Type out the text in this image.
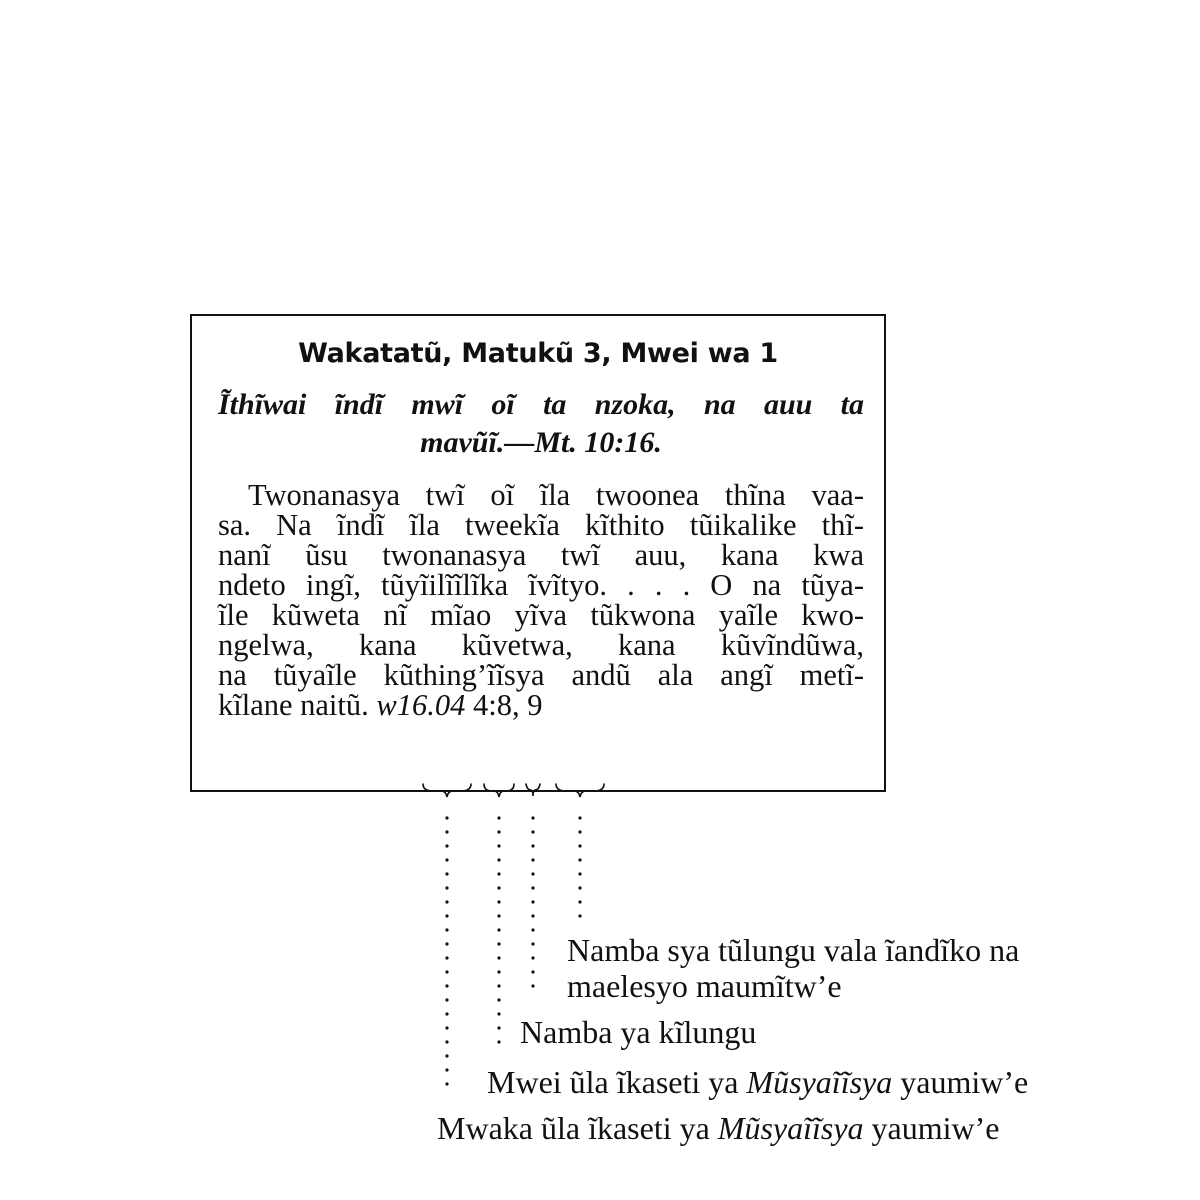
Wakatatũ, Matukũ 3, Mwei wa 1
Ĩthĩwai ĩndĩ mwĩ oĩ ta nzoka, na auu ta
mavũĩ.—Mt. 10:16.
Twonanasya twĩ oĩ ĩla twoonea thĩna vaa-
sa. Na ĩndĩ ĩla tweekĩa kĩthito tũikalike thĩ-
nanĩ ũsu twonanasya twĩ auu, kana kwa
ndeto ingĩ, tũyĩilĩĩlĩka ĩvĩtyo. . . . O na tũya-
ĩle kũweta nĩ mĩao yĩva tũkwona yaĩle kwo-
ngelwa, kana kũvetwa, kana kũvĩndũwa,
na tũyaĩle kũthing’ĩĩsya andũ ala angĩ metĩ-
kĩlane naitũ. w16.04 4:8, 9
Namba sya tũlungu vala ĩandĩko na
maelesyo maumĩtw’e
Namba ya kĩlungu
Mwei ũla ĩkaseti ya Mũsyaĩĩsya yaumiw’e
Mwaka ũla ĩkaseti ya Mũsyaĩĩsya yaumiw’e
